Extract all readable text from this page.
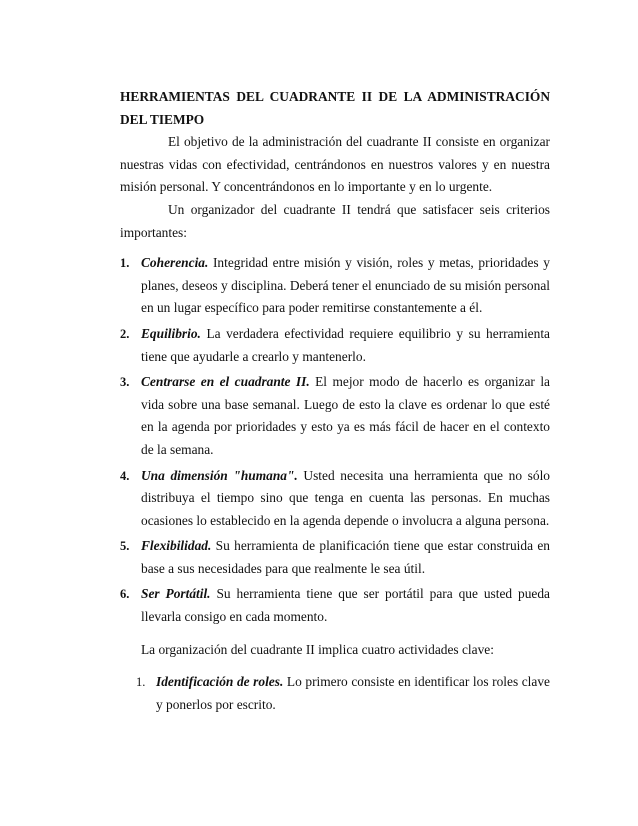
HERRAMIENTAS DEL CUADRANTE II DE LA ADMINISTRACIÓN DEL TIEMPO

El objetivo de la administración del cuadrante II consiste en organizar nuestras vidas con efectividad, centrándonos en nuestros valores y en nuestra misión personal. Y concentrándonos en lo importante y en lo urgente.

Un organizador del cuadrante II tendrá que satisfacer seis criterios importantes:

1. Coherencia. Integridad entre misión y visión, roles y metas, prioridades y planes, deseos y disciplina. Deberá tener el enunciado de su misión personal en un lugar específico para poder remitirse constantemente a él.
2. Equilibrio. La verdadera efectividad requiere equilibrio y su herramienta tiene que ayudarle a crearlo y mantenerlo.
3. Centrarse en el cuadrante II. El mejor modo de hacerlo es organizar la vida sobre una base semanal. Luego de esto la clave es ordenar lo que esté en la agenda por prioridades y esto ya es más fácil de hacer en el contexto de la semana.
4. Una dimensión "humana". Usted necesita una herramienta que no sólo distribuya el tiempo sino que tenga en cuenta las personas. En muchas ocasiones lo establecido en la agenda depende o involucra a alguna persona.
5. Flexibilidad. Su herramienta de planificación tiene que estar construida en base a sus necesidades para que realmente le sea útil.
6. Ser Portátil. Su herramienta tiene que ser portátil para que usted pueda llevarla consigo en cada momento.

La organización del cuadrante II implica cuatro actividades clave:

1. Identificación de roles. Lo primero consiste en identificar los roles clave y ponerlos por escrito.
